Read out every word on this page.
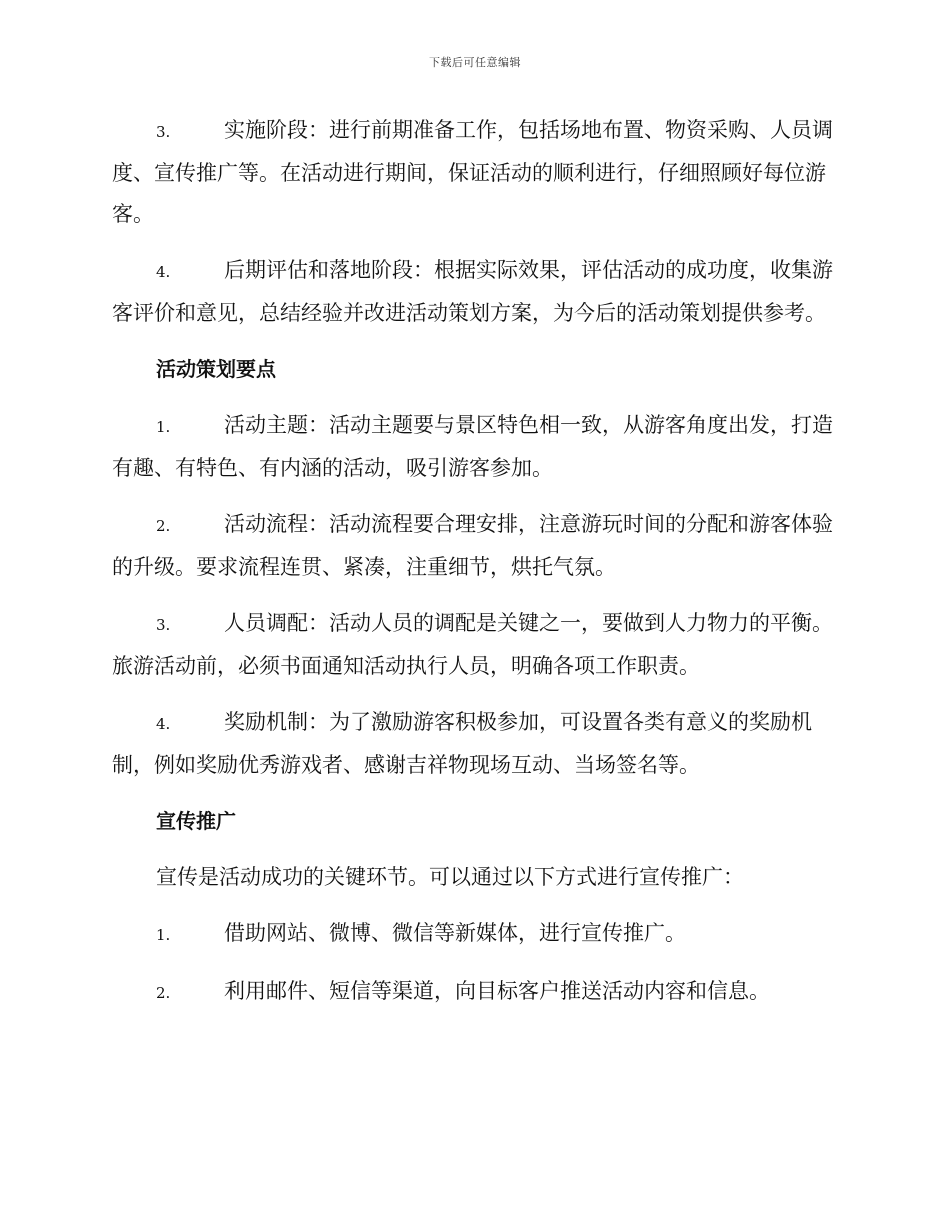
下载后可任意编辑
3.	实施阶段：进行前期准备工作，包括场地布置、物资采购、人员调度、宣传推广等。在活动进行期间，保证活动的顺利进行，仔细照顾好每位游客。
4.	后期评估和落地阶段：根据实际效果，评估活动的成功度，收集游客评价和意见，总结经验并改进活动策划方案，为今后的活动策划提供参考。
活动策划要点
1.	活动主题：活动主题要与景区特色相一致，从游客角度出发，打造有趣、有特色、有内涵的活动，吸引游客参加。
2.	活动流程：活动流程要合理安排，注意游玩时间的分配和游客体验的升级。要求流程连贯、紧凑，注重细节，烘托气氛。
3.	人员调配：活动人员的调配是关键之一，要做到人力物力的平衡。旅游活动前，必须书面通知活动执行人员，明确各项工作职责。
4.	奖励机制：为了激励游客积极参加，可设置各类有意义的奖励机制，例如奖励优秀游戏者、感谢吉祥物现场互动、当场签名等。
宣传推广
宣传是活动成功的关键环节。可以通过以下方式进行宣传推广：
1.	借助网站、微博、微信等新媒体，进行宣传推广。
2.	利用邮件、短信等渠道，向目标客户推送活动内容和信息。
